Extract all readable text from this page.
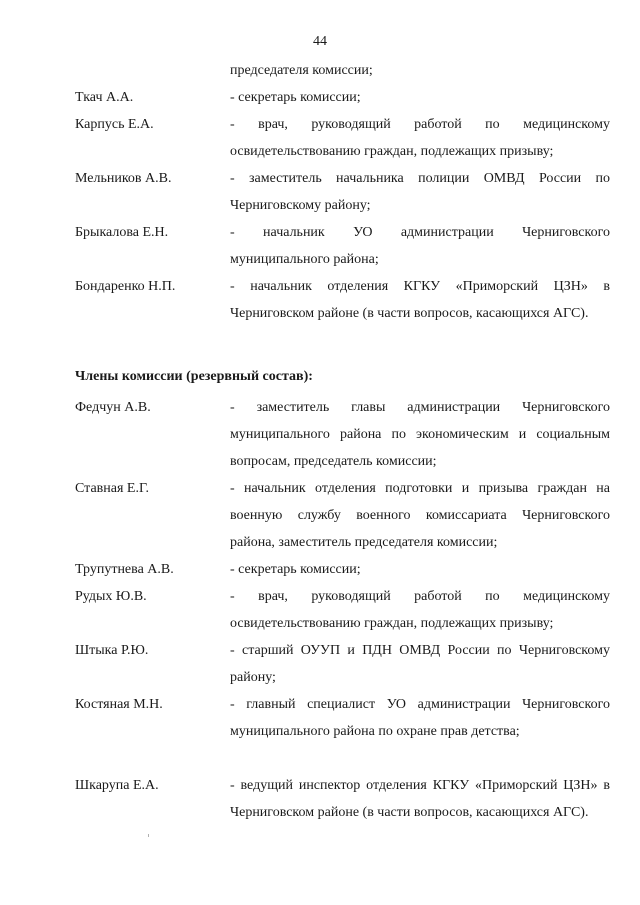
44
председателя комиссии;
Ткач А.А.	- секретарь комиссии;
Карпусь Е.А.	- врач, руководящий работой по медицинскому освидетельствованию граждан, подлежащих призыву;
Мельников А.В.	- заместитель начальника полиции ОМВД России по Черниговскому району;
Брыкалова Е.Н.	- начальник УО администрации Черниговского муниципального района;
Бондаренко Н.П.	- начальник отделения КГКУ «Приморский ЦЗН» в Черниговском районе (в части вопросов, касающихся АГС).
Члены комиссии (резервный состав):
Федчун А.В.	- заместитель главы администрации Черниговского муниципального района по экономическим и социальным вопросам, председатель комиссии;
Ставная Е.Г.	- начальник отделения подготовки и призыва граждан на военную службу военного комиссариата Черниговского района, заместитель председателя комиссии;
Трупутнева А.В.	- секретарь комиссии;
Рудых Ю.В.	- врач, руководящий работой по медицинскому освидетельствованию граждан, подлежащих призыву;
Штыка Р.Ю.	- старший ОУУП и ПДН ОМВД России по Черниговскому району;
Костяная М.Н.	- главный специалист УО администрации Черниговского муниципального района по охране прав детства;
Шкарупа Е.А.	- ведущий инспектор отделения КГКУ «Приморский ЦЗН» в Черниговском районе (в части вопросов, касающихся АГС).
